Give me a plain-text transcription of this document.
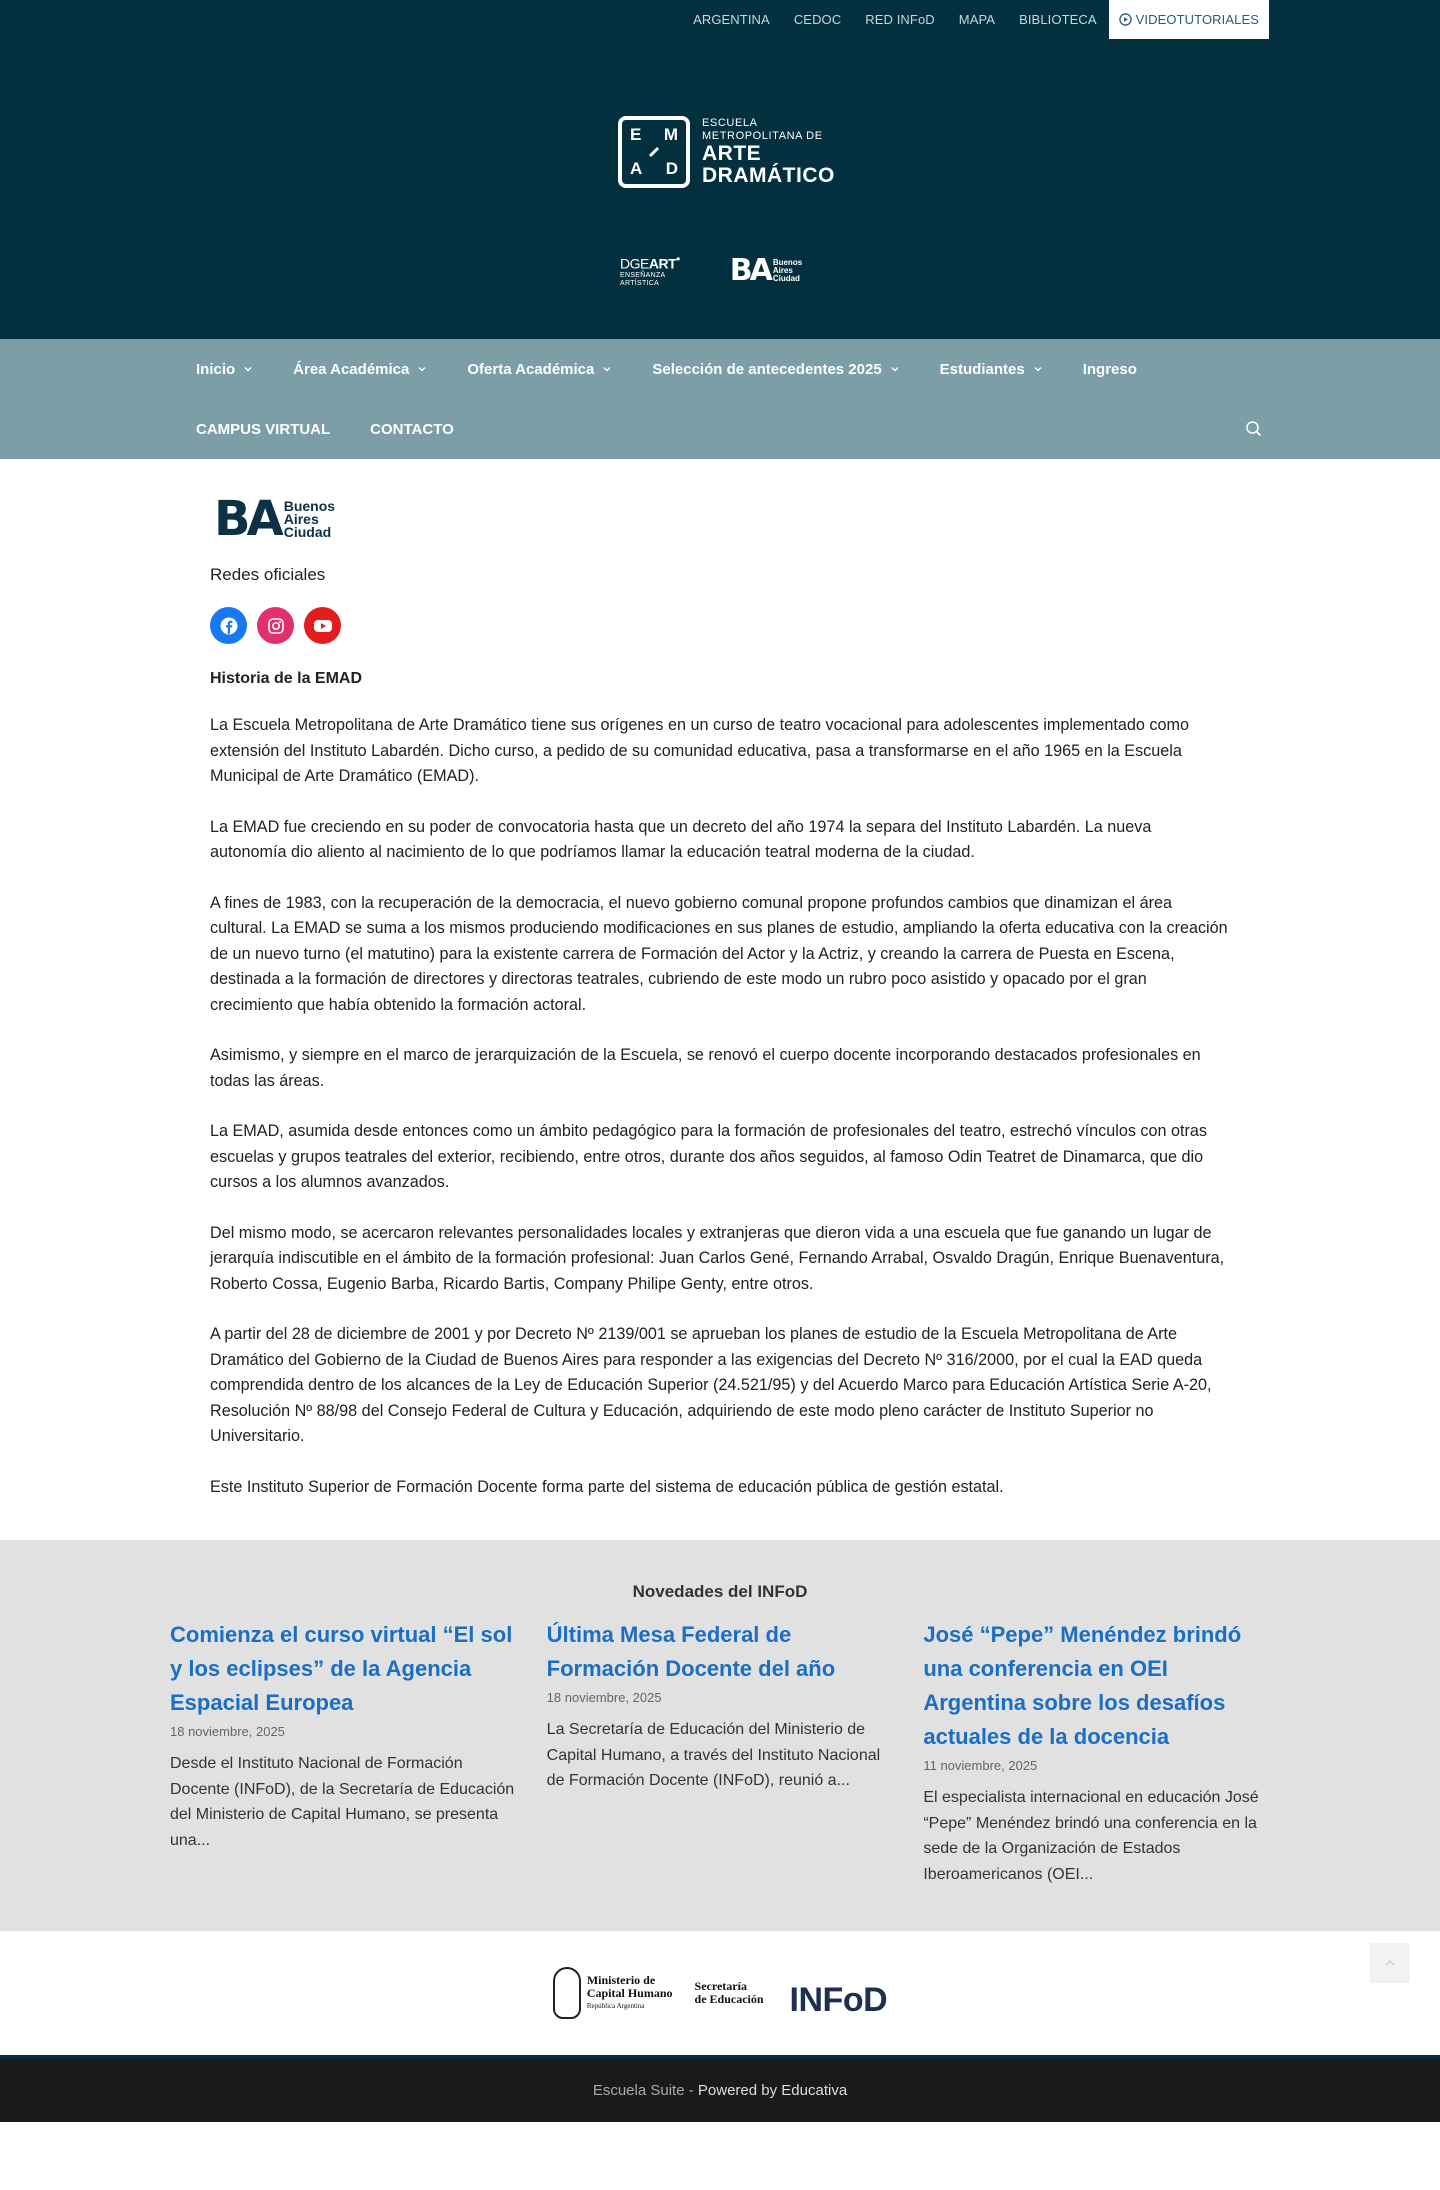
ARGENTINA	CEDOC	RED INFoD	MAPA	BIBLIOTECA	VIDEOTUTORIALES
E M
A D
ESCUELA
METROPOLITANA DE
ARTE
DRAMÁTICO
DGEART•
ENSEÑANZA
ARTÍSTICA	BA Buenos
Aires
Ciudad
Inicio	Área Académica	Oferta Académica	Selección de antecedentes 2025	Estudiantes	Ingreso
CAMPUS VIRTUAL	CONTACTO
BA Buenos
Aires
Ciudad

Redes oficiales

Historia de la EMAD

La Escuela Metropolitana de Arte Dramático tiene sus orígenes en un curso de teatro vocacional para adolescentes implementado como extensión del Instituto Labardén. Dicho curso, a pedido de su comunidad educativa, pasa a transformarse en el año 1965 en la Escuela Municipal de Arte Dramático (EMAD).

La EMAD fue creciendo en su poder de convocatoria hasta que un decreto del año 1974 la separa del Instituto Labardén. La nueva autonomía dio aliento al nacimiento de lo que podríamos llamar la educación teatral moderna de la ciudad.

A fines de 1983, con la recuperación de la democracia, el nuevo gobierno comunal propone profundos cambios que dinamizan el área cultural. La EMAD se suma a los mismos produciendo modificaciones en sus planes de estudio, ampliando la oferta educativa con la creación de un nuevo turno (el matutino) para la existente carrera de Formación del Actor y la Actriz, y creando la carrera de Puesta en Escena, destinada a la formación de directores y directoras teatrales, cubriendo de este modo un rubro poco asistido y opacado por el gran crecimiento que había obtenido la formación actoral.

Asimismo, y siempre en el marco de jerarquización de la Escuela, se renovó el cuerpo docente incorporando destacados profesionales en todas las áreas.

La EMAD, asumida desde entonces como un ámbito pedagógico para la formación de profesionales del teatro, estrechó vínculos con otras escuelas y grupos teatrales del exterior, recibiendo, entre otros, durante dos años seguidos, al famoso Odin Teatret de Dinamarca, que dio cursos a los alumnos avanzados.

Del mismo modo, se acercaron relevantes personalidades locales y extranjeras que dieron vida a una escuela que fue ganando un lugar de jerarquía indiscutible en el ámbito de la formación profesional: Juan Carlos Gené, Fernando Arrabal, Osvaldo Dragún, Enrique Buenaventura, Roberto Cossa, Eugenio Barba, Ricardo Bartis, Company Philipe Genty, entre otros.

A partir del 28 de diciembre de 2001 y por Decreto Nº 2139/001 se aprueban los planes de estudio de la Escuela Metropolitana de Arte Dramático del Gobierno de la Ciudad de Buenos Aires para responder a las exigencias del Decreto Nº 316/2000, por el cual la EAD queda comprendida dentro de los alcances de la Ley de Educación Superior (24.521/95) y del Acuerdo Marco para Educación Artística Serie A-20, Resolución Nº 88/98 del Consejo Federal de Cultura y Educación, adquiriendo de este modo pleno carácter de Instituto Superior no Universitario.

Este Instituto Superior de Formación Docente forma parte del sistema de educación pública de gestión estatal.

Novedades del INFoD
Comienza el curso virtual “El sol y los eclipses” de la Agencia Espacial Europea
18 noviembre, 2025

Desde el Instituto Nacional de Formación Docente (INFoD), de la Secretaría de Educación del Ministerio de Capital Humano, se presenta una...

Última Mesa Federal de Formación Docente del año
18 noviembre, 2025

La Secretaría de Educación del Ministerio de Capital Humano, a través del Instituto Nacional de Formación Docente (INFoD), reunió a...

José “Pepe” Menéndez brindó una conferencia en OEI Argentina sobre los desafíos actuales de la docencia
11 noviembre, 2025

El especialista internacional en educación José “Pepe” Menéndez brindó una conferencia en la sede de la Organización de Estados Iberoamericanos (OEI...

Ministerio de
Capital Humano
República Argentina
Secretaría
de Educación INFoD
Escuela Suite - Powered by Educativa
